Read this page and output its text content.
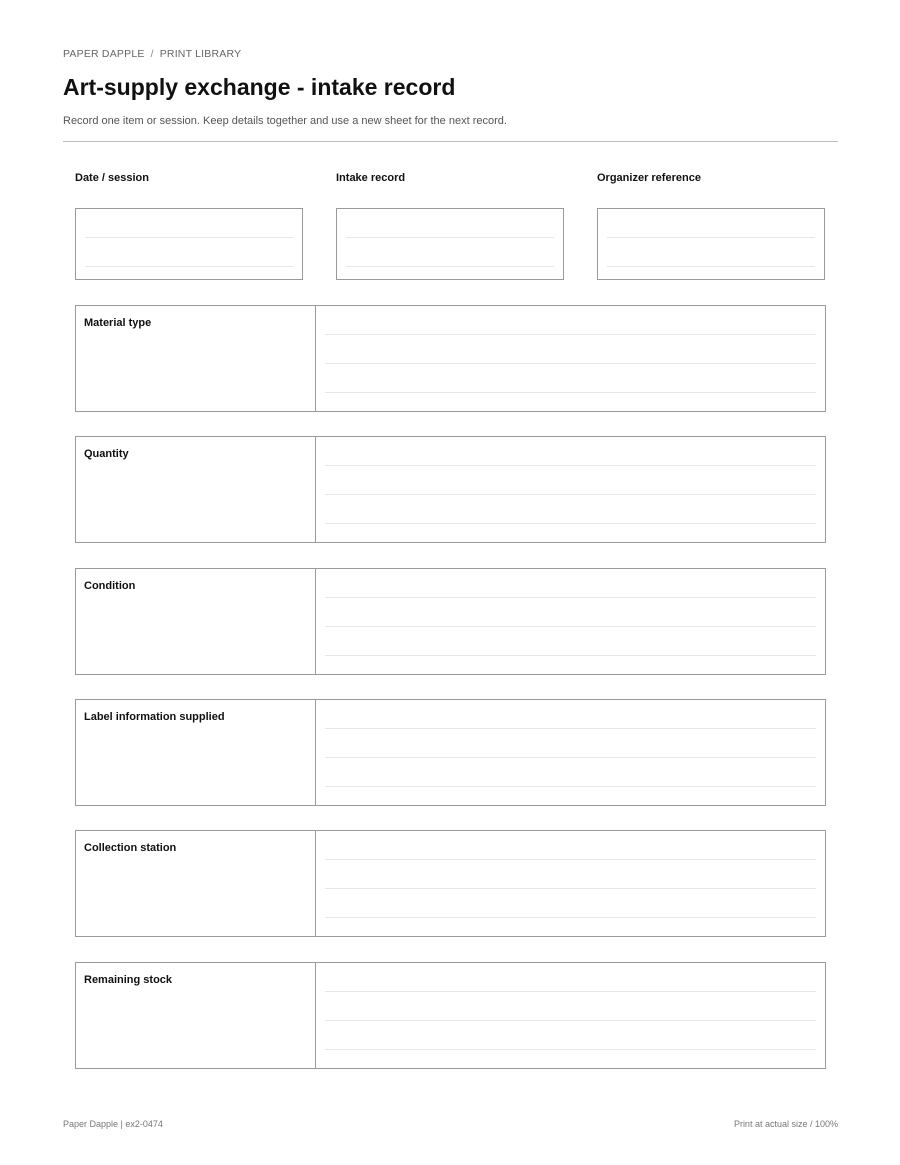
PAPER DAPPLE / PRINT LIBRARY
Art-supply exchange - intake record
Record one item or session. Keep details together and use a new sheet for the next record.
Date / session	Intake record	Organizer reference
Material type
Quantity
Condition
Label information supplied
Collection station
Remaining stock
Paper Dapple | ex2-0474	Print at actual size / 100%
